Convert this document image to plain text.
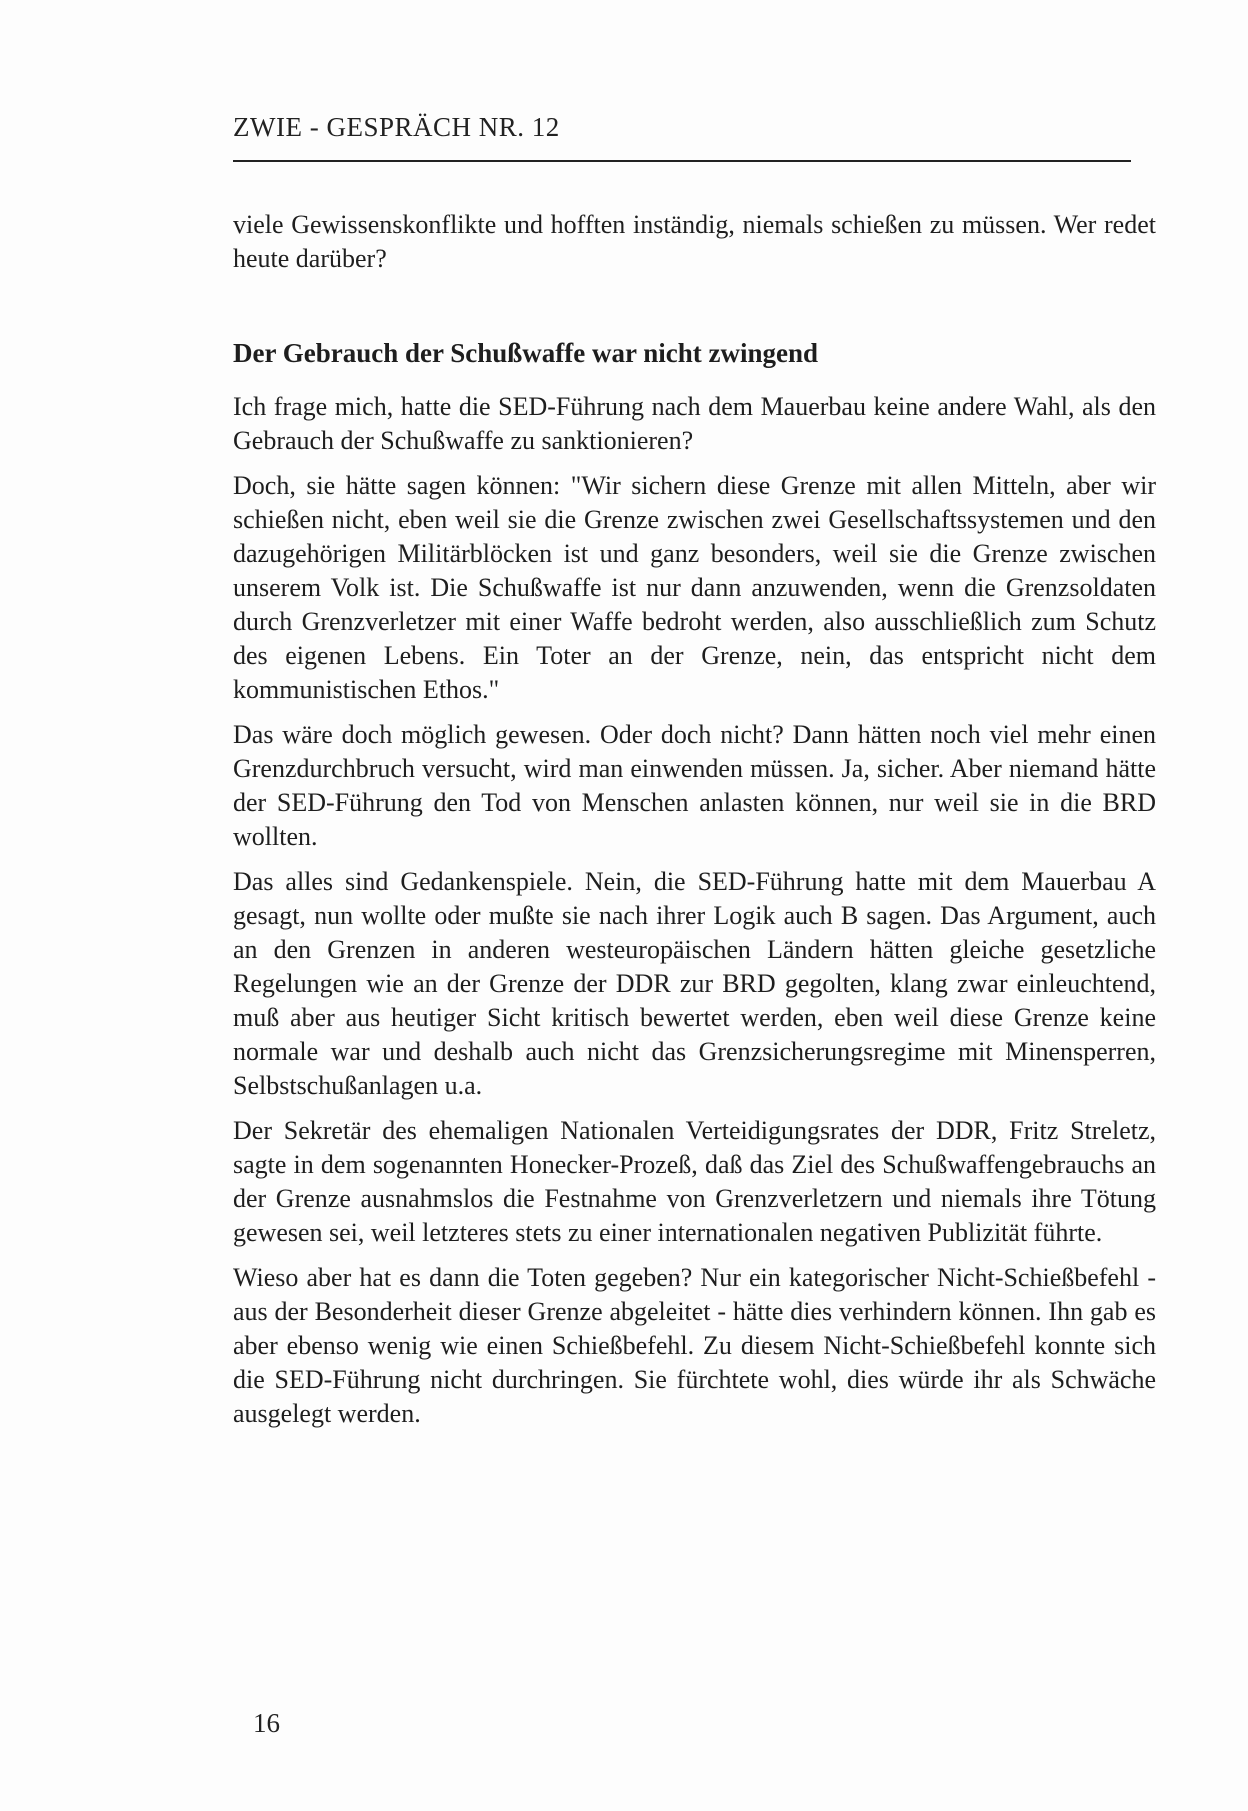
ZWIE - GESPRÄCH NR. 12

viele Gewissenskonflikte und hofften inständig, niemals schießen zu müssen. Wer redet heute darüber?

Der Gebrauch der Schußwaffe war nicht zwingend

Ich frage mich, hatte die SED-Führung nach dem Mauerbau keine andere Wahl, als den Gebrauch der Schußwaffe zu sanktionieren?

Doch, sie hätte sagen können: "Wir sichern diese Grenze mit allen Mitteln, aber wir schießen nicht, eben weil sie die Grenze zwischen zwei Gesellschaftssystemen und den dazugehörigen Militärblöcken ist und ganz besonders, weil sie die Grenze zwischen unserem Volk ist. Die Schußwaffe ist nur dann anzuwenden, wenn die Grenzsoldaten durch Grenzverletzer mit einer Waffe bedroht werden, also ausschließlich zum Schutz des eigenen Lebens. Ein Toter an der Grenze, nein, das entspricht nicht dem kommunistischen Ethos."

Das wäre doch möglich gewesen. Oder doch nicht? Dann hätten noch viel mehr einen Grenzdurchbruch versucht, wird man einwenden müssen. Ja, sicher. Aber niemand hätte der SED-Führung den Tod von Menschen anlasten können, nur weil sie in die BRD wollten.

Das alles sind Gedankenspiele. Nein, die SED-Führung hatte mit dem Mauerbau A gesagt, nun wollte oder mußte sie nach ihrer Logik auch B sagen. Das Argument, auch an den Grenzen in anderen westeuropäischen Ländern hätten gleiche gesetzliche Regelungen wie an der Grenze der DDR zur BRD gegolten, klang zwar einleuchtend, muß aber aus heutiger Sicht kritisch bewertet werden, eben weil diese Grenze keine normale war und deshalb auch nicht das Grenzsicherungsregime mit Minensperren, Selbstschußanlagen u.a.

Der Sekretär des ehemaligen Nationalen Verteidigungsrates der DDR, Fritz Streletz, sagte in dem sogenannten Honecker-Prozeß, daß das Ziel des Schußwaffengebrauchs an der Grenze ausnahmslos die Festnahme von Grenzverletzern und niemals ihre Tötung gewesen sei, weil letzteres stets zu einer internationalen negativen Publizität führte.

Wieso aber hat es dann die Toten gegeben? Nur ein kategorischer Nicht-Schießbefehl - aus der Besonderheit dieser Grenze abgeleitet - hätte dies verhindern können. Ihn gab es aber ebenso wenig wie einen Schießbefehl. Zu diesem Nicht-Schießbefehl konnte sich die SED-Führung nicht durchringen. Sie fürchtete wohl, dies würde ihr als Schwäche ausgelegt werden.

16
